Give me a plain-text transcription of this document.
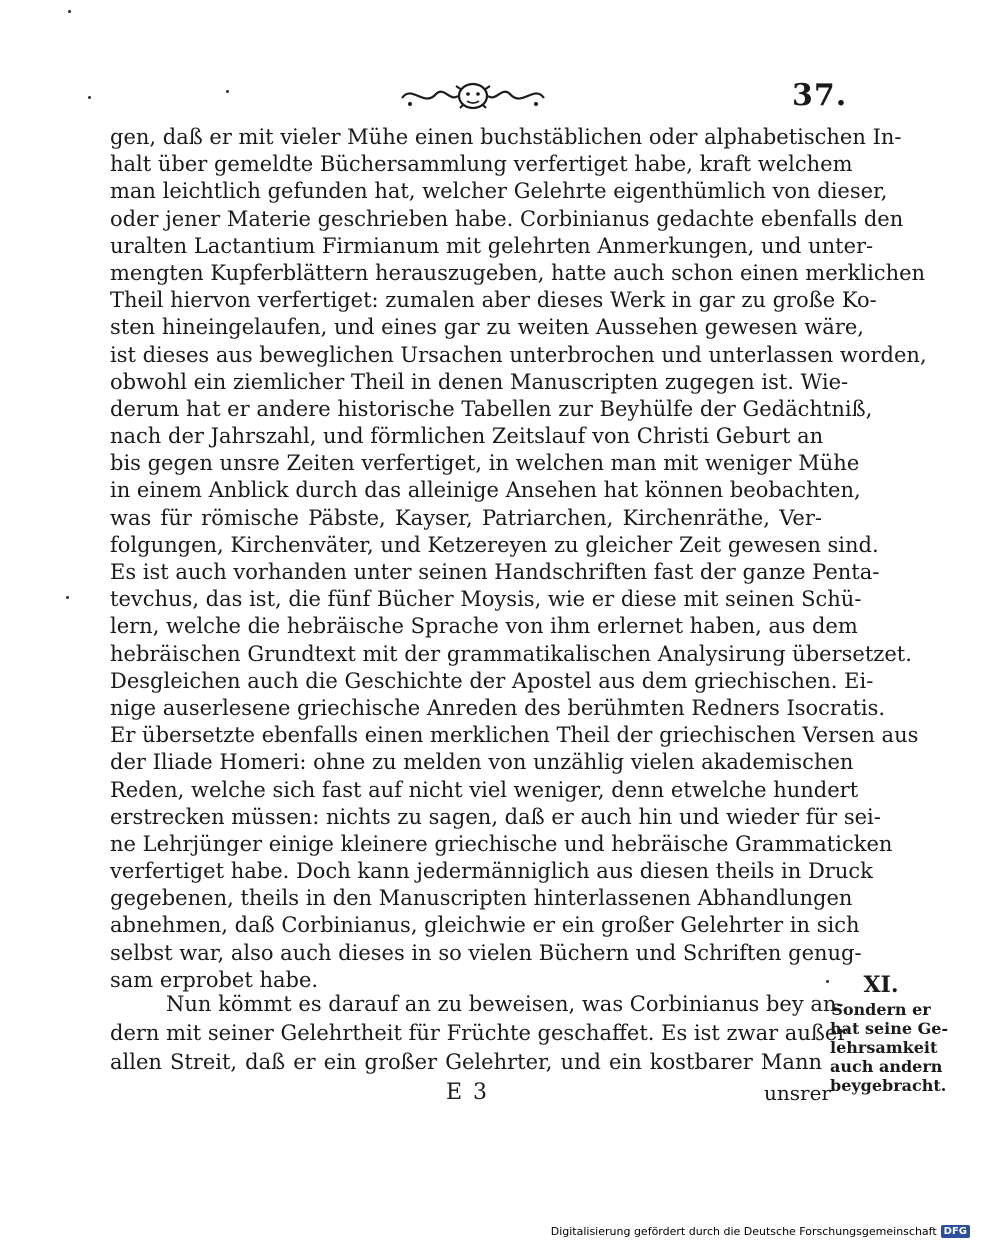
37.
gen, daß er mit vieler Mühe einen buchstäblichen oder alphabetischen In-
halt über gemeldte Büchersammlung verfertiget habe, kraft welchem
man leichtlich gefunden hat, welcher Gelehrte eigenthümlich von dieser,
oder jener Materie geschrieben habe. Corbinianus gedachte ebenfalls den
uralten Lactantium Firmianum mit gelehrten Anmerkungen, und unter-
mengten Kupferblättern herauszugeben, hatte auch schon einen merklichen
Theil hiervon verfertiget: zumalen aber dieses Werk in gar zu große Ko-
sten hineingelaufen, und eines gar zu weiten Aussehen gewesen wäre,
ist dieses aus beweglichen Ursachen unterbrochen und unterlassen worden,
obwohl ein ziemlicher Theil in denen Manuscripten zugegen ist. Wie-
derum hat er andere historische Tabellen zur Beyhülfe der Gedächtniß,
nach der Jahrszahl, und förmlichen Zeitslauf von Christi Geburt an
bis gegen unsre Zeiten verfertiget, in welchen man mit weniger Mühe
in einem Anblick durch das alleinige Ansehen hat können beobachten,
was für römische Päbste, Kayser, Patriarchen, Kirchenräthe, Ver-
folgungen, Kirchenväter, und Ketzereyen zu gleicher Zeit gewesen sind.
Es ist auch vorhanden unter seinen Handschriften fast der ganze Penta-
tevchus, das ist, die fünf Bücher Moysis, wie er diese mit seinen Schü-
lern, welche die hebräische Sprache von ihm erlernet haben, aus dem
hebräischen Grundtext mit der grammatikalischen Analysirung übersetzet.
Desgleichen auch die Geschichte der Apostel aus dem griechischen. Ei-
nige auserlesene griechische Anreden des berühmten Redners Isocratis.
Er übersetzte ebenfalls einen merklichen Theil der griechischen Versen aus
der Iliade Homeri: ohne zu melden von unzählig vielen akademischen
Reden, welche sich fast auf nicht viel weniger, denn etwelche hundert
erstrecken müssen: nichts zu sagen, daß er auch hin und wieder für sei-
ne Lehrjünger einige kleinere griechische und hebräische Grammaticken
verfertiget habe. Doch kann jedermänniglich aus diesen theils in Druck
gegebenen, theils in den Manuscripten hinterlassenen Abhandlungen
abnehmen, daß Corbinianus, gleichwie er ein großer Gelehrter in sich
selbst war, also auch dieses in so vielen Büchern und Schriften genug-
sam erprobet habe.
Nun kömmt es darauf an zu beweisen, was Corbinianus bey an-
dern mit seiner Gelehrtheit für Früchte geschaffet. Es ist zwar außer
allen Streit, daß er ein großer Gelehrter, und ein kostbarer Mann
XI.
Sondern er
hat seine Ge-
lehrsamkeit
auch andern
beygebracht.
E 3	unsrer
Digitalisierung gefördert durch die Deutsche Forschungsgemeinschaft DFG
